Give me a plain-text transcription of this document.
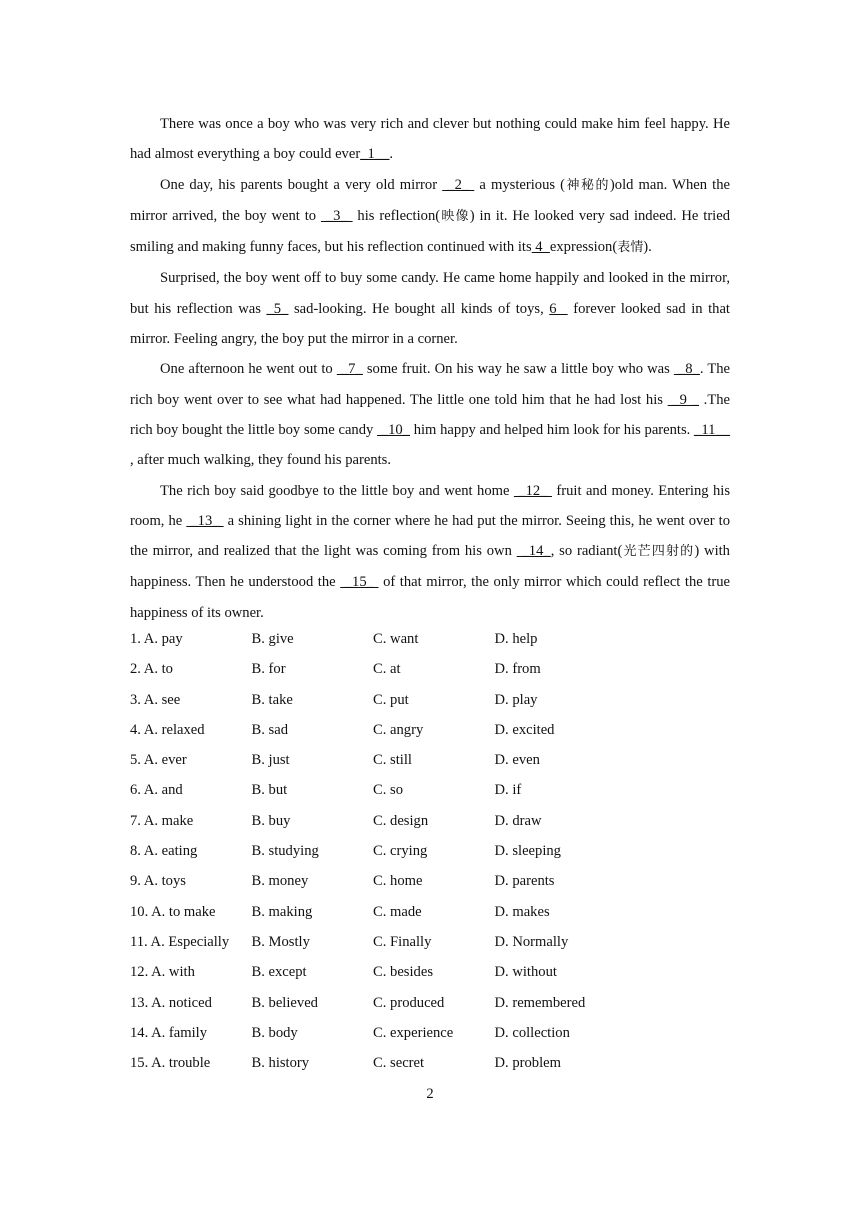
There was once a boy who was very rich and clever but nothing could make him feel happy. He had almost everything a boy could ever_1__.

One day, his parents bought a very old mirror  _2_  a mysterious (神秘的)old man. When the mirror arrived, the boy went to  _3_  his reflection(映像) in it. He looked very sad indeed. He tried smiling and making funny faces, but his reflection continued with its 4  expression(表情).

Surprised, the boy went off to buy some candy. He came home happily and looked in the mirror, but his reflection was _5_ sad-looking. He bought all kinds of toys, 6   forever looked sad in that mirror. Feeling angry, the boy put the mirror in a corner.

One afternoon he went out to  _7_ some fruit. On his way he saw a little boy who was  _8_. The rich boy went over to see what had happened. The little one told him that he had lost his  _9 _ .The rich boy bought the little boy some candy  _10_ him happy and helped him look for his parents. _11__ , after much walking, they found his parents.

The rich boy said goodbye to the little boy and went home  _12_  fruit and money. Entering his room, he  _13_  a shining light in the corner where he had put the mirror. Seeing this, he went over to the mirror, and realized that the light was coming from his own  _14_, so radiant(光芒四射的) with happiness. Then he understood the  _15_  of that mirror, the only mirror which could reflect the true happiness of its owner.

1. A. pay	B. give	C. want	D. help
2. A. to	B. for	C. at	D. from
3. A. see	B. take	C. put	D. play
4. A. relaxed	B. sad	C. angry	D. excited
5. A. ever	B. just	C. still	D. even
6. A. and	B. but	C. so	D. if
7. A. make	B. buy	C. design	D. draw
8. A. eating	B. studying	C. crying	D. sleeping
9. A. toys	B. money	C. home	D. parents
10. A. to make	B. making	C. made	D. makes
11. A. Especially	B. Mostly	C. Finally	D. Normally
12. A. with	B. except	C. besides	D. without
13. A. noticed	B. believed	C. produced	D. remembered
14. A. family	B. body	C. experience	D. collection
15. A. trouble	B. history	C. secret	D. problem
2
